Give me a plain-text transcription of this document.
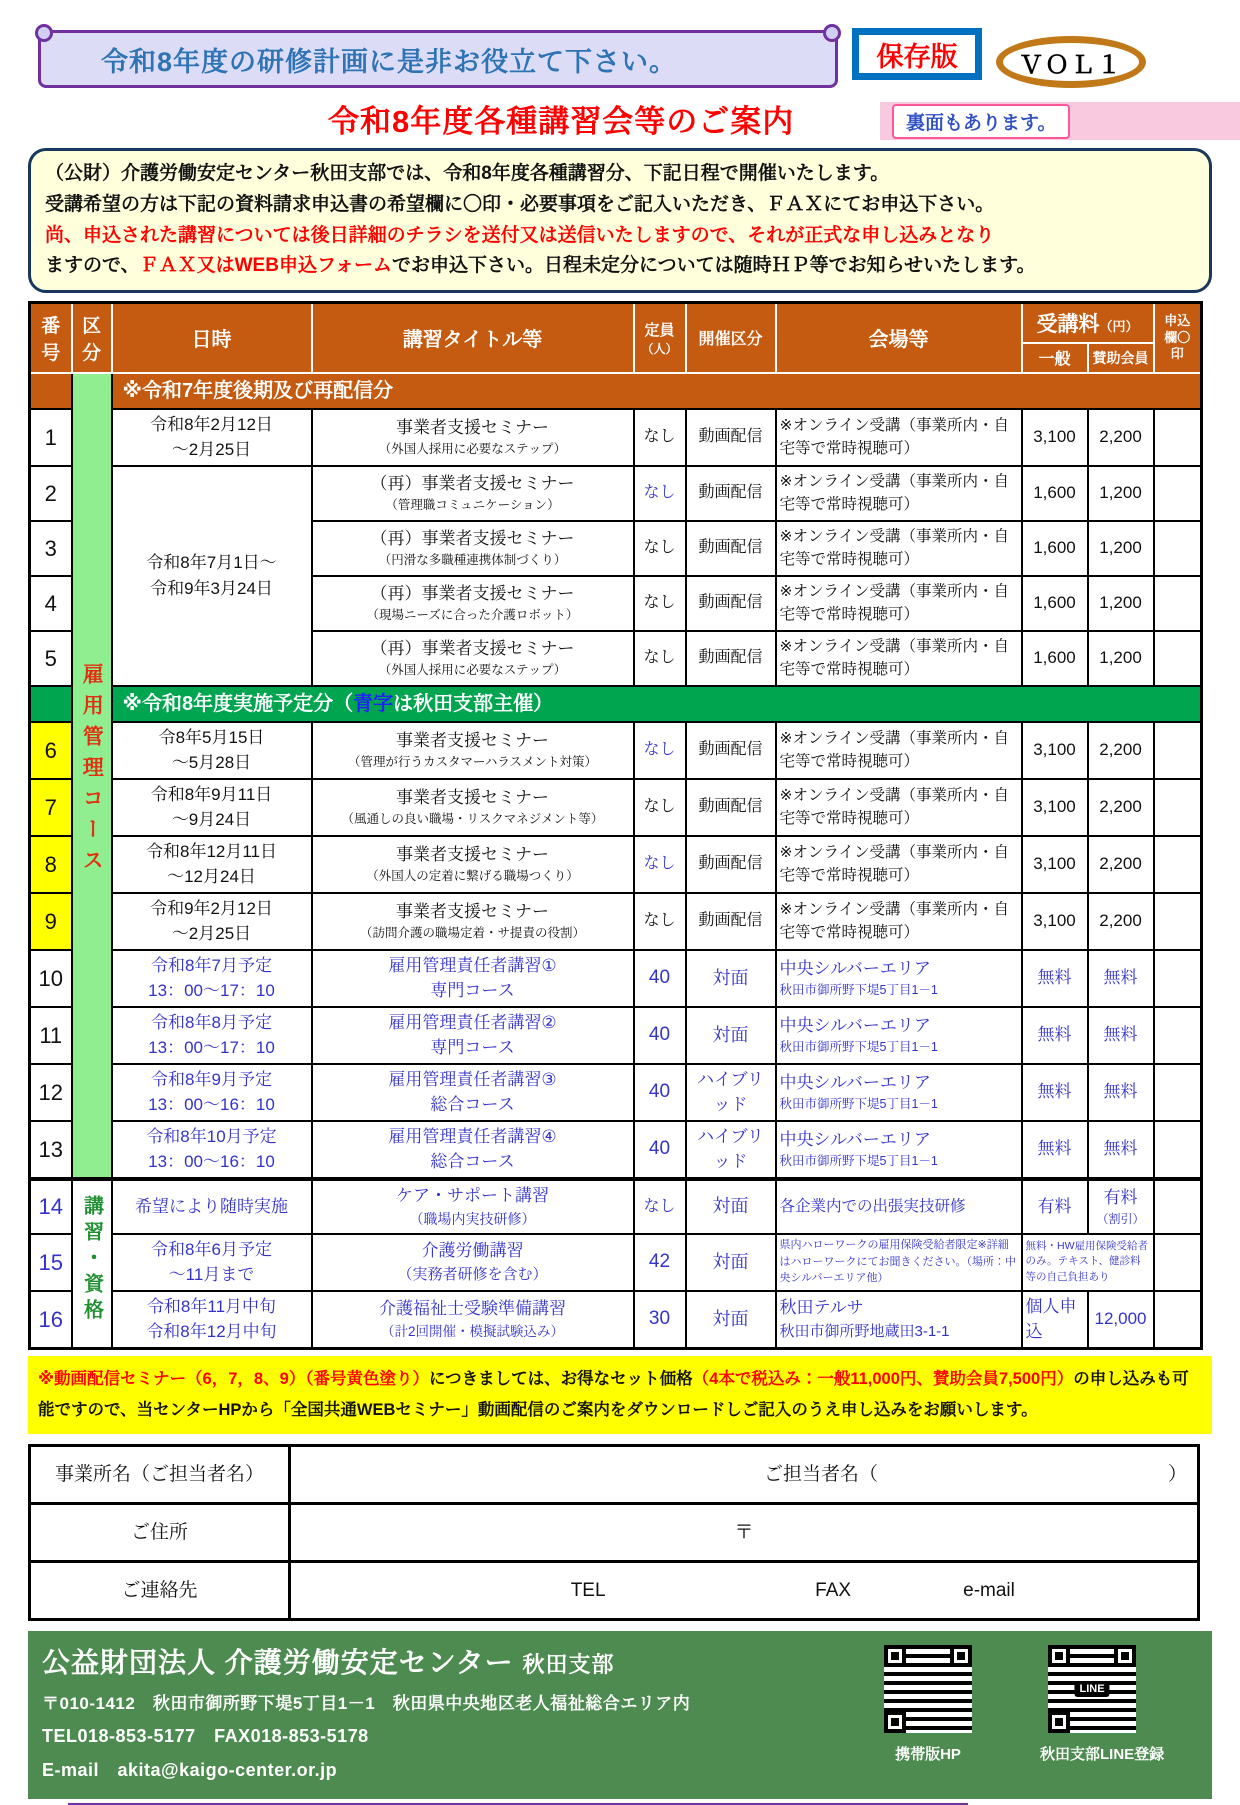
令和8年度の研修計画に是非お役立て下さい。	保存版	ＶＯＬ１
令和8年度各種講習会等のご案内	裏面もあります。
（公財）介護労働安定センター秋田支部では、令和8年度各種講習分、下記日程で開催いたします。
受講希望の方は下記の資料請求申込書の希望欄に〇印・必要事項をご記入いただき、ＦＡＸにてお申込下さい。
尚、申込された講習については後日詳細のチラシを送付又は送信いたしますので、それが正式な申し込みとなり
ますので、ＦＡＸ又はWEB申込フォームでお申込下さい。日程未定分については随時ＨＰ等でお知らせいたします。
番
号

区
分
	日時	講習タイトル等	定員
（人）
	開催区分	会場等	受講料（円）	申込
欄〇
印

							一般	賛助会員	
	雇用管理コース	※令和7年度後期及び再配信分							
1		令和8年2月12日
～2月25日	事業者支援セミナー
（外国人採用に必要なステップ）	なし	動画配信	※オンライン受講（事業所内・自宅等で常時視聴可）	3,100	2,200	
2		令和8年7月1日～
令和9年3月24日	（再）事業者支援セミナー
（管理職コミュニケーション）	なし	動画配信	※オンライン受講（事業所内・自宅等で常時視聴可）	1,600	1,200	
3			（再）事業者支援セミナー
（円滑な多職種連携体制づくり）	なし	動画配信	※オンライン受講（事業所内・自宅等で常時視聴可）	1,600	1,200	
4			（再）事業者支援セミナー
（現場ニーズに合った介護ロボット）	なし	動画配信	※オンライン受講（事業所内・自宅等で常時視聴可）	1,600	1,200	
5			（再）事業者支援セミナー
（外国人採用に必要なステップ）	なし	動画配信	※オンライン受講（事業所内・自宅等で常時視聴可）	1,600	1,200	
		※令和8年度実施予定分（青字は秋田支部主催）							
6		令8年5月15日
～5月28日	事業者支援セミナー
（管理が行うカスタマーハラスメント対策）	なし	動画配信	※オンライン受講（事業所内・自宅等で常時視聴可）	3,100	2,200	
7		令和8年9月11日
～9月24日	事業者支援セミナー
（風通しの良い職場・リスクマネジメント等）	なし	動画配信	※オンライン受講（事業所内・自宅等で常時視聴可）	3,100	2,200	
8		令和8年12月11日
～12月24日	事業者支援セミナー
（外国人の定着に繋げる職場つくり）	なし	動画配信	※オンライン受講（事業所内・自宅等で常時視聴可）	3,100	2,200	
9		令和9年2月12日
～2月25日	事業者支援セミナー
（訪問介護の職場定着・サ提責の役割）	なし	動画配信	※オンライン受講（事業所内・自宅等で常時視聴可）	3,100	2,200	
10		令和8年7月予定
13：00～17：10	雇用管理責任者講習①
専門コース	40	対面	中央シルバーエリア
秋田市御所野下堤5丁目1－1	無料	無料	
11		令和8年8月予定
13：00～17：10	雇用管理責任者講習②
専門コース	40	対面	中央シルバーエリア
秋田市御所野下堤5丁目1－1	無料	無料	
12		令和8年9月予定
13：00～16：10	雇用管理責任者講習③
総合コース	40	ハイブリッド	中央シルバーエリア
秋田市御所野下堤5丁目1－1	無料	無料	
13		令和8年10月予定
13：00～16：10	雇用管理責任者講習④
総合コース	40	ハイブリッド	中央シルバーエリア
秋田市御所野下堤5丁目1－1	無料	無料	
14	講習・資格	希望により随時実施	ケア・サポート講習
（職場内実技研修）	なし	対面	各企業内での出張実技研修	有料	有料
（割引）	

15		令和8年6月予定
～11月まで	介護労働講習
（実務者研修を含む）	42	対面	県内ハローワークの雇用保険受給者限定※詳細はハローワークにてお聞きください。（場所：中央シルバーエリア他）	無料・HW雇用保険受給者のみ。テキスト、健診料等の自己負担あり		

16		令和8年11月中旬
令和8年12月中旬	介護福祉士受験準備講習
（計2回開催・模擬試験込み）	30	対面	秋田テルサ
秋田市御所野地蔵田3-1-1	個人申込	12,000	
※動画配信セミナー（6，7，8、9）（番号黄色塗り）につきましては、お得なセット価格（4本で税込み：一般11,000円、賛助会員7,500円）の申し込みも可能ですので、当センターHPから「全国共通WEBセミナー」動画配信のご案内をダウンロードしご記入のうえ申し込みをお願いします。
事業所名（ご担当者名）	ご担当者名（ ）
ご住所	〒
ご連絡先	TEL FAX e-mail
公益財団法人 介護労働安定センター 秋田支部
〒010-1412　秋田市御所野下堤5丁目1－1　秋田県中央地区老人福祉総合エリア内
TEL018-853-5177　FAX018-853-5178
E-mail　akita@kaigo-center.or.jp
携帯版HP
LINE
秋田支部LINE登録
